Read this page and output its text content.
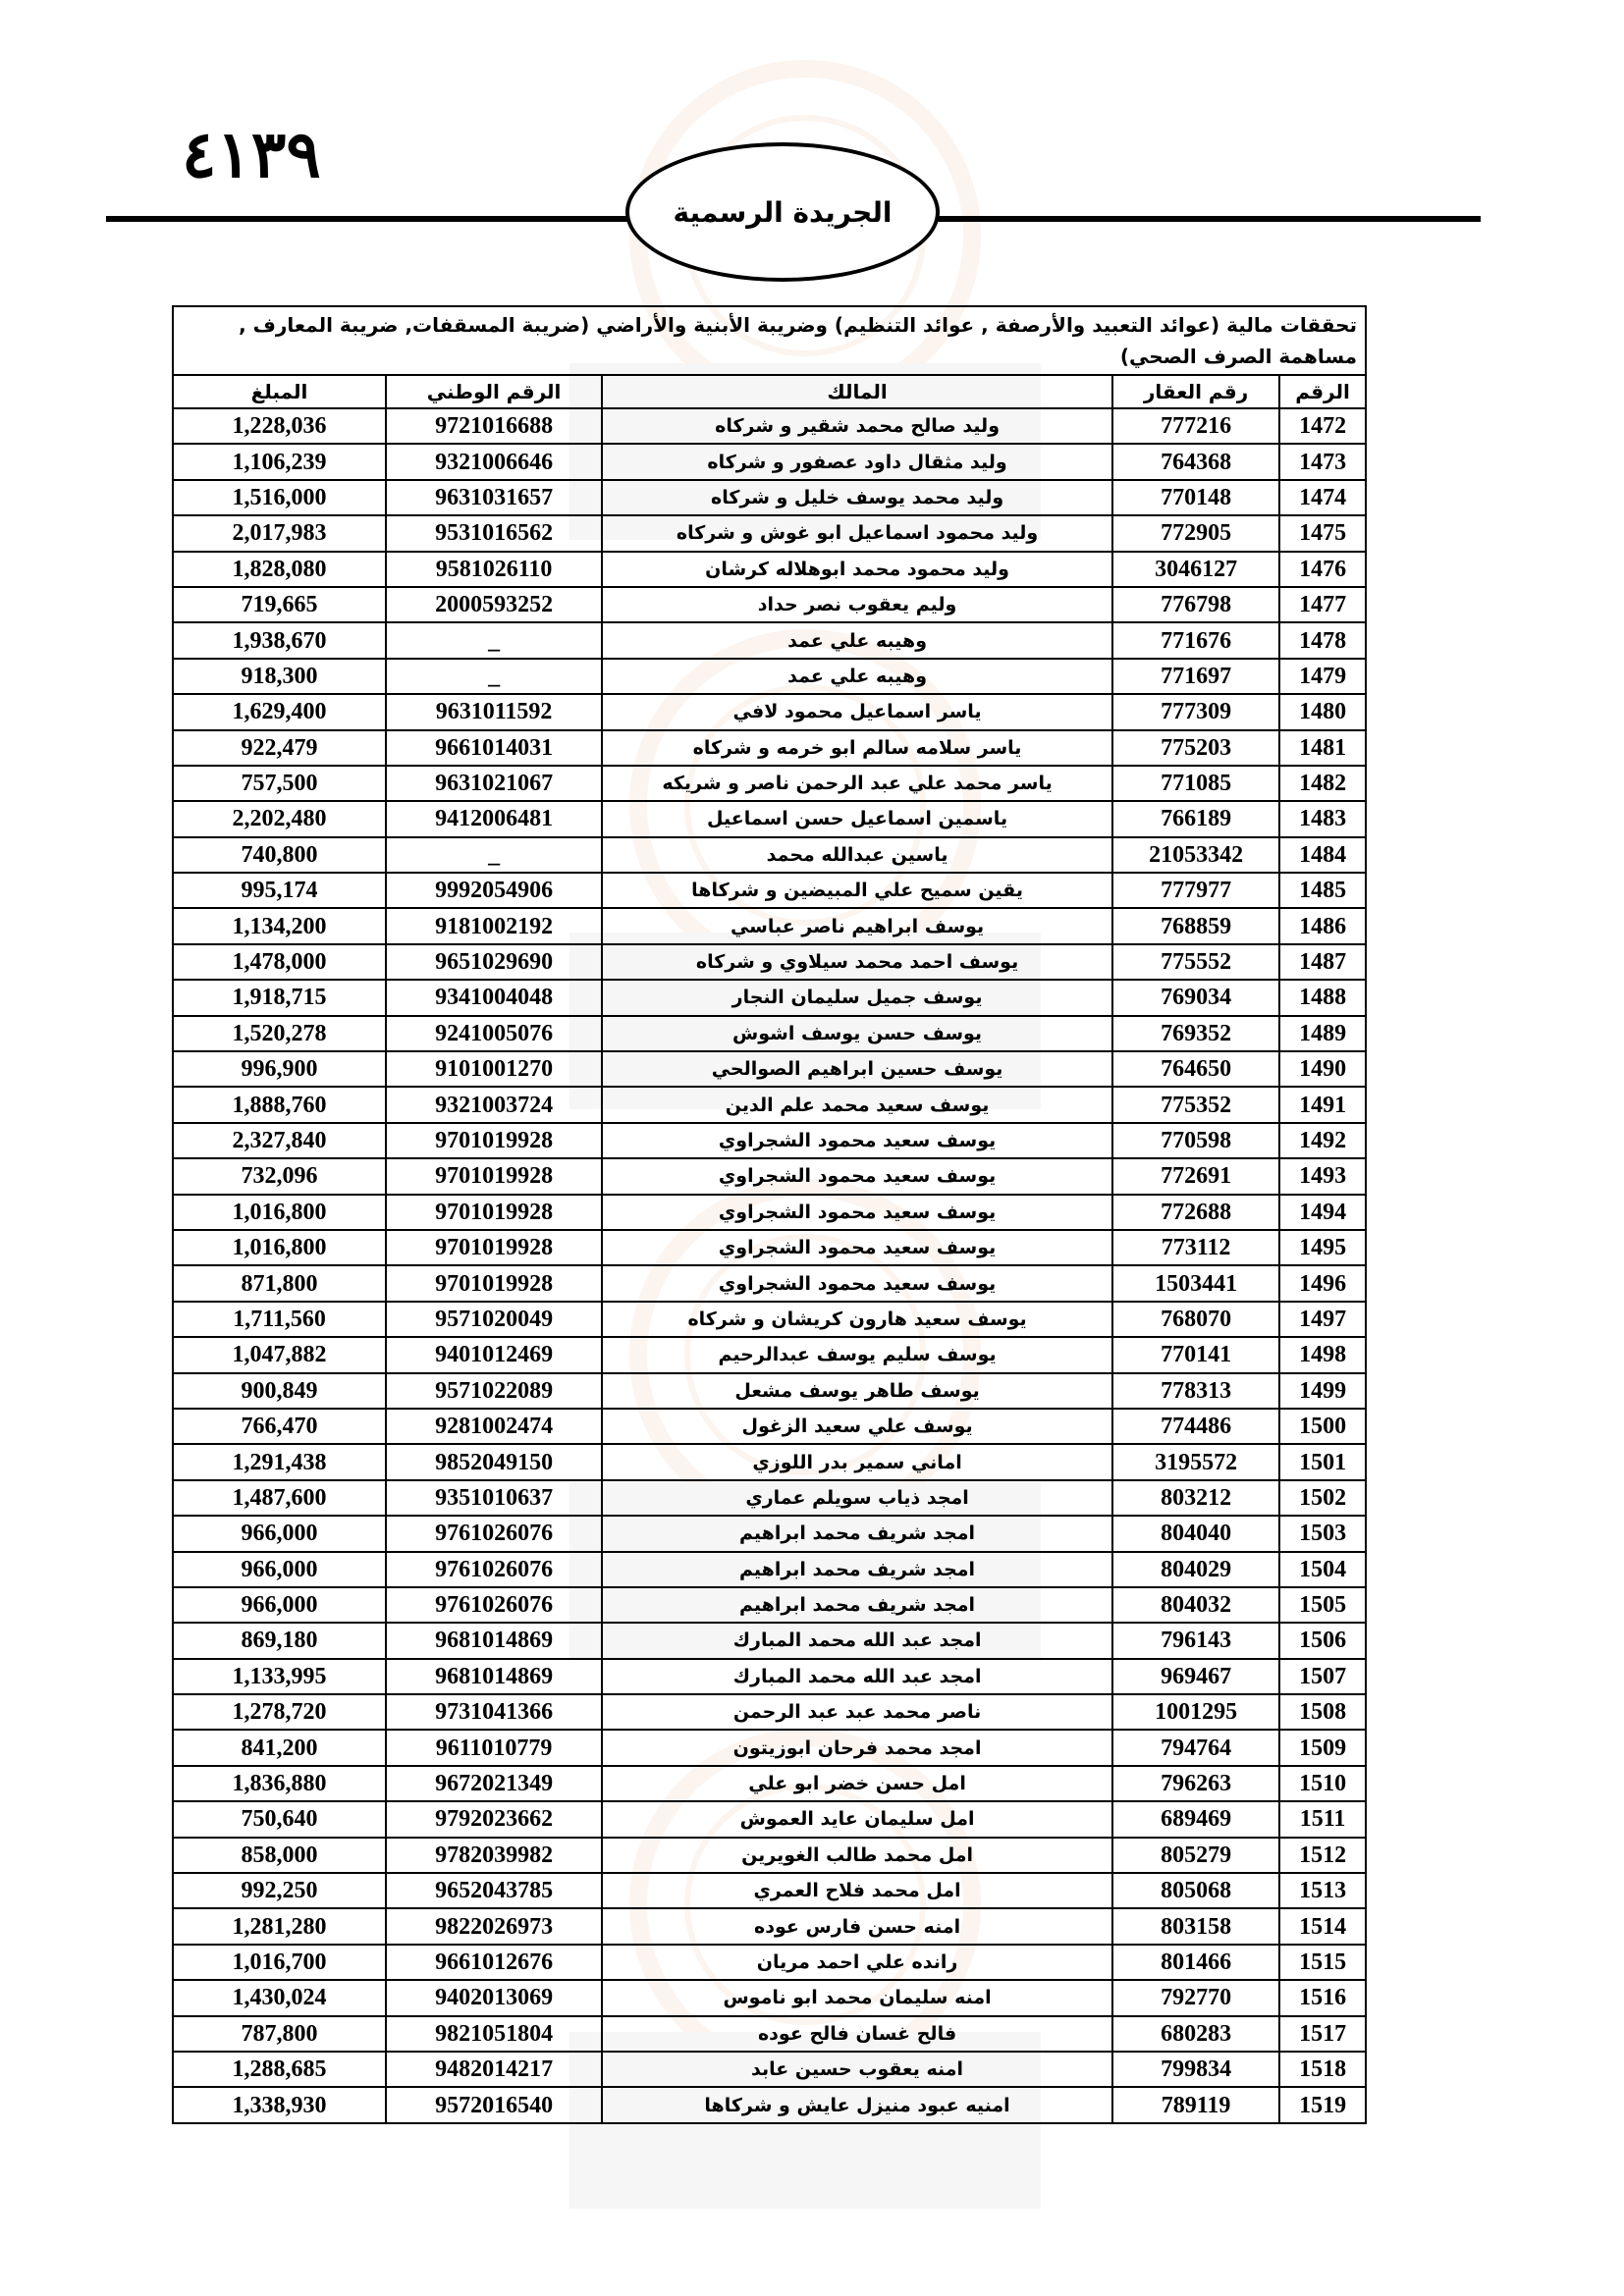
٤١٣٩
الجريدة الرسمية
تحققات مالية (عوائد التعبيد والأرصفة , عوائد التنظيم) وضريبة الأبنية والأراضي (ضريبة المسقفات, ضريبة المعارف , مساهمة الصرف الصحي)				
الرقم	رقم العقار	المالك	الرقم الوطني	المبلغ
1472	777216	وليد صالح محمد شقير و شركاه	9721016688	1,228,036
1473	764368	وليد مثقال داود عصفور و شركاه	9321006646	1,106,239
1474	770148	وليد محمد يوسف خليل و شركاه	9631031657	1,516,000
1475	772905	وليد محمود اسماعيل ابو غوش و شركاه	9531016562	2,017,983
1476	3046127	وليد محمود محمد ابوهلاله كرشان	9581026110	1,828,080
1477	776798	وليم يعقوب نصر حداد	2000593252	719,665
1478	771676	وهيبه علي عمد	_	1,938,670
1479	771697	وهيبه علي عمد	_	918,300
1480	777309	ياسر اسماعيل محمود لافي	9631011592	1,629,400
1481	775203	ياسر سلامه سالم ابو خرمه و شركاه	9661014031	922,479
1482	771085	ياسر محمد علي عبد الرحمن ناصر و شريكه	9631021067	757,500
1483	766189	ياسمين اسماعيل حسن اسماعيل	9412006481	2,202,480
1484	21053342	ياسين عبدالله محمد	_	740,800
1485	777977	يقين سميح علي المبيضين و شركاها	9992054906	995,174
1486	768859	يوسف ابراهيم ناصر عباسي	9181002192	1,134,200
1487	775552	يوسف احمد محمد سيلاوي و شركاه	9651029690	1,478,000
1488	769034	يوسف جميل سليمان النجار	9341004048	1,918,715
1489	769352	يوسف حسن يوسف اشوش	9241005076	1,520,278
1490	764650	يوسف حسين ابراهيم الصوالحي	9101001270	996,900
1491	775352	يوسف سعيد محمد علم الدين	9321003724	1,888,760
1492	770598	يوسف سعيد محمود الشجراوي	9701019928	2,327,840
1493	772691	يوسف سعيد محمود الشجراوي	9701019928	732,096
1494	772688	يوسف سعيد محمود الشجراوي	9701019928	1,016,800
1495	773112	يوسف سعيد محمود الشجراوي	9701019928	1,016,800
1496	1503441	يوسف سعيد محمود الشجراوي	9701019928	871,800
1497	768070	يوسف سعيد هارون كريشان و شركاه	9571020049	1,711,560
1498	770141	يوسف سليم يوسف عبدالرحيم	9401012469	1,047,882
1499	778313	يوسف طاهر يوسف مشعل	9571022089	900,849
1500	774486	يوسف علي سعيد الزغول	9281002474	766,470
1501	3195572	اماني سمير بدر اللوزي	9852049150	1,291,438
1502	803212	امجد ذياب سويلم عماري	9351010637	1,487,600
1503	804040	امجد شريف محمد ابراهيم	9761026076	966,000
1504	804029	امجد شريف محمد ابراهيم	9761026076	966,000
1505	804032	امجد شريف محمد ابراهيم	9761026076	966,000
1506	796143	امجد عبد الله محمد المبارك	9681014869	869,180
1507	969467	امجد عبد الله محمد المبارك	9681014869	1,133,995
1508	1001295	ناصر محمد عبد عبد الرحمن	9731041366	1,278,720
1509	794764	امجد محمد فرحان ابوزيتون	9611010779	841,200
1510	796263	امل حسن خضر ابو علي	9672021349	1,836,880
1511	689469	امل سليمان عايد العموش	9792023662	750,640
1512	805279	امل محمد طالب الغويرين	9782039982	858,000
1513	805068	امل محمد فلاح العمري	9652043785	992,250
1514	803158	امنه حسن فارس عوده	9822026973	1,281,280
1515	801466	رانده علي احمد مريان	9661012676	1,016,700
1516	792770	امنه سليمان محمد ابو ناموس	9402013069	1,430,024
1517	680283	فالح غسان فالح عوده	9821051804	787,800
1518	799834	امنه يعقوب حسين عابد	9482014217	1,288,685
1519	789119	امنيه عبود منيزل عايش و شركاها	9572016540	1,338,930
